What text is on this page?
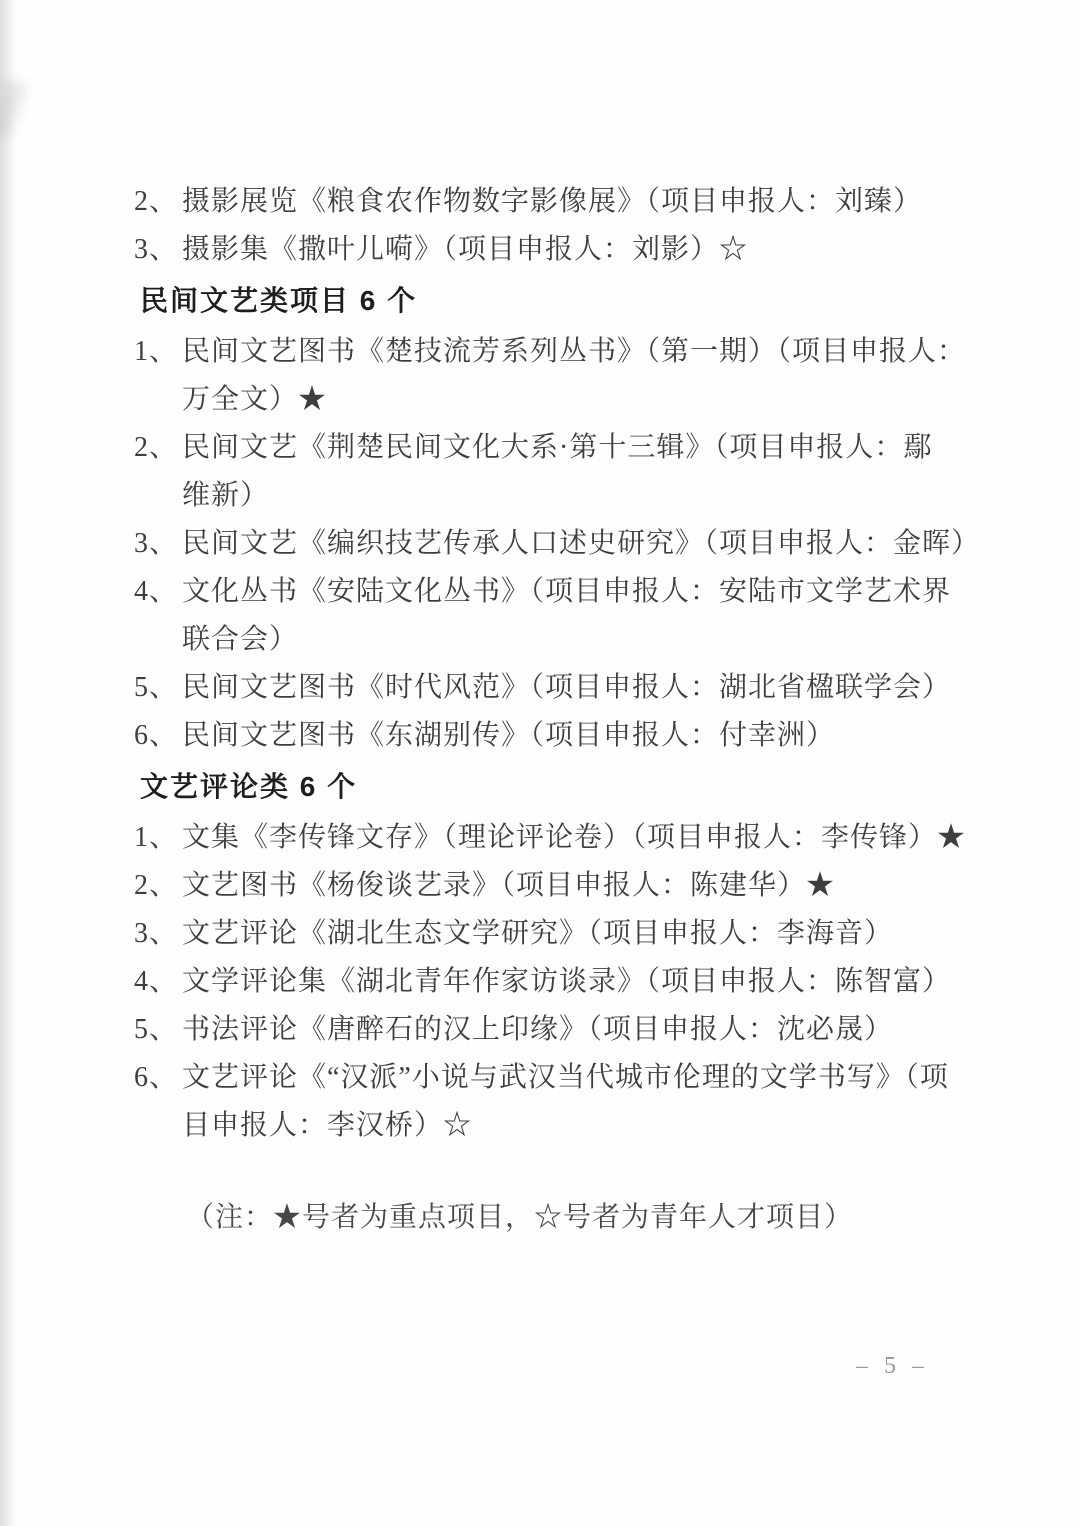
2、 摄影展览《粮食农作物数字影像展》（项目申报人：刘臻）
3、 摄影集《撒叶儿嗬》（项目申报人：刘影）☆
民间文艺类项目 6 个
1、 民间文艺图书《楚技流芳系列丛书》（第一期）（项目申报人：
万全文）★
2、 民间文艺《荆楚民间文化大系·第十三辑》（项目申报人：鄢
维新）
3、 民间文艺《编织技艺传承人口述史研究》（项目申报人：金晖）
4、 文化丛书《安陆文化丛书》（项目申报人：安陆市文学艺术界
联合会）
5、 民间文艺图书《时代风范》（项目申报人：湖北省楹联学会）
6、 民间文艺图书《东湖别传》（项目申报人：付幸洲）
文艺评论类 6 个
1、 文集《李传锋文存》（理论评论卷）（项目申报人：李传锋）★
2、 文艺图书《杨俊谈艺录》（项目申报人：陈建华）★
3、 文艺评论《湖北生态文学研究》（项目申报人：李海音）
4、 文学评论集《湖北青年作家访谈录》（项目申报人：陈智富）
5、 书法评论《唐醉石的汉上印缘》（项目申报人：沈必晟）
6、 文艺评论《“汉派”小说与武汉当代城市伦理的文学书写》（项
目申报人：李汉桥）☆
（注：★号者为重点项目，☆号者为青年人才项目）
– 5 –
